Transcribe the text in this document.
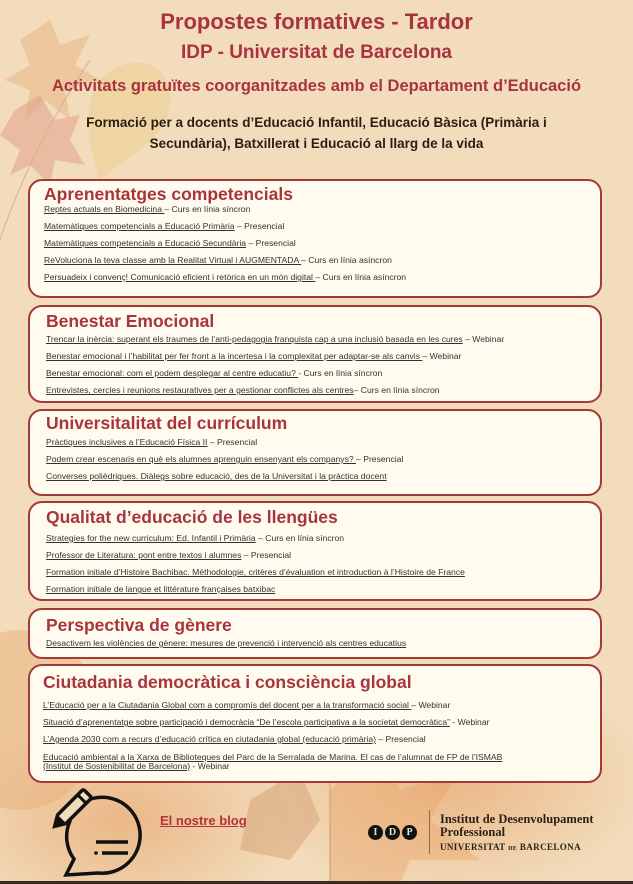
Propostes formatives - Tardor
IDP - Universitat de Barcelona
Activitats gratuïtes coorganitzades amb el Departament d’Educació
Formació per a docents d’Educació Infantil, Educació Bàsica (Primària i Secundària), Batxillerat i Educació al llarg de la vida
Aprenentatges competencials
Reptes actuals en Biomedicina – Curs en línia síncron
Matemàtiques competencials a Educació Primària – Presencial
Matemàtiques competencials a Educació Secundària – Presencial
ReVoluciona la teva classe amb la Realitat Virtual i AUGMENTADA – Curs en línia asíncron
Persuadeix i convenç! Comunicació eficient i retòrica en un món digital – Curs en línia asíncron
Benestar Emocional
Trencar la inèrcia: superant els traumes de l’anti-pedagogia franquista cap a una inclusió basada en les cures – Webinar
Benestar emocional i l’habilitat per fer front a la incertesa i la complexitat per adaptar-se als canvis – Webinar
Benestar emocional: com el podem desplegar al centre educatiu? - Curs en línia síncron
Entrevistes, cercles i reunions restauratives per a gestionar conflictes als centres– Curs en línia síncron
Universitalitat del currículum
Pràctiques inclusives a l’Educació Física II – Presencial
Podem crear escenaris en què els alumnes aprenguin ensenyant els companys? – Presencial
Converses polièdriques. Diàlegs sobre educació, des de la Universitat i la pràctica docent
Qualitat d’educació de les llengües
Strategies for the new curriculum: Ed. Infantil i Primària – Curs en línia síncron
Professor de Literatura: pont entre textos i alumnes – Presencial
Formation initiale d’Histoire Bachibac. Méthodologie, critères d’évaluation et introduction à l’Histoire de France
Formation initiale de langue et littérature françaises batxibac
Perspectiva de gènere
Desactivem les violències de gènere: mesures de prevenció i intervenció als centres educatius
Ciutadania democràtica i consciència global
L’Educació per a la Ciutadania Global com a compromís del docent per a la transformació social – Webinar
Situació d’aprenentatge sobre participació i democràcia “De l’escola participativa a la societat democràtica” - Webinar
L’Agenda 2030 com a recurs d’educació crítica en ciutadania global (educació primària) – Presencial
Educació ambiental a la Xarxa de Biblioteques del Parc de la Serralada de Marina. El cas de l’alumnat de FP de l’ISMAB
(Institut de Sostenibilitat de Barcelona) - Webinar
El nostre blog
I	D	P
Institut de Desenvolupament
Professional
UNIVERSITAT DE BARCELONA
